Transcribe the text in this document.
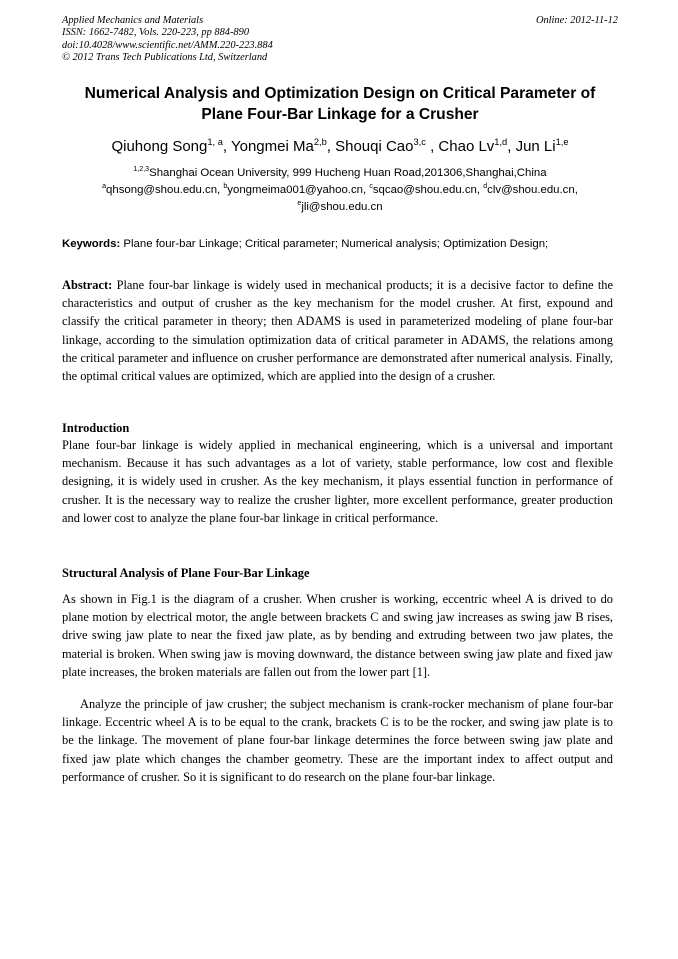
Applied Mechanics and Materials
ISSN: 1662-7482, Vols. 220-223, pp 884-890
doi:10.4028/www.scientific.net/AMM.220-223.884
© 2012 Trans Tech Publications Ltd, Switzerland
Online: 2012-11-12
Numerical Analysis and Optimization Design on Critical Parameter of Plane Four-Bar Linkage for a Crusher
Qiuhong Song$^{1, a}$, Yongmei Ma$^{2,b}$, Shouqi Cao$^{3,c}$ , Chao Lv$^{1,d}$, Jun Li$^{1,e}$
$^{1,2,3}$Shanghai Ocean University, 999 Hucheng Huan Road,201306,Shanghai,China
$^a$qhsong@shou.edu.cn, $^b$yongmeima001@yahoo.cn, $^c$sqcao@shou.edu.cn, $^d$clv@shou.edu.cn,
$^e$jli@shou.edu.cn
Keywords: Plane four-bar Linkage; Critical parameter; Numerical analysis; Optimization Design;
Abstract: Plane four-bar linkage is widely used in mechanical products; it is a decisive factor to define the characteristics and output of crusher as the key mechanism for the model crusher. At first, expound and classify the critical parameter in theory; then ADAMS is used in parameterized modeling of plane four-bar linkage, according to the simulation optimization data of critical parameter in ADAMS, the relations among the critical parameter and influence on crusher performance are demonstrated after numerical analysis. Finally, the optimal critical values are optimized, which are applied into the design of a crusher.
Introduction
Plane four-bar linkage is widely applied in mechanical engineering, which is a universal and important mechanism. Because it has such advantages as a lot of variety, stable performance, low cost and flexible designing, it is widely used in crusher. As the key mechanism, it plays essential function in performance of crusher. It is the necessary way to realize the crusher lighter, more excellent performance, greater production and lower cost to analyze the plane four-bar linkage in critical performance.
Structural Analysis of Plane Four-Bar Linkage
As shown in Fig.1 is the diagram of a crusher. When crusher is working, eccentric wheel A is drived to do plane motion by electrical motor, the angle between brackets C and swing jaw increases as swing jaw B rises, drive swing jaw plate to near the fixed jaw plate, as by bending and extruding between two jaw plates, the material is broken. When swing jaw is moving downward, the distance between swing jaw plate and fixed jaw plate increases, the broken materials are fallen out from the lower part [1].
Analyze the principle of jaw crusher; the subject mechanism is crank-rocker mechanism of plane four-bar linkage. Eccentric wheel A is to be equal to the crank, brackets C is to be the rocker, and swing jaw plate is to be the linkage. The movement of plane four-bar linkage determines the force between swing jaw plate and fixed jaw plate which changes the chamber geometry. These are the important index to affect output and performance of crusher. So it is significant to do research on the plane four-bar linkage.
